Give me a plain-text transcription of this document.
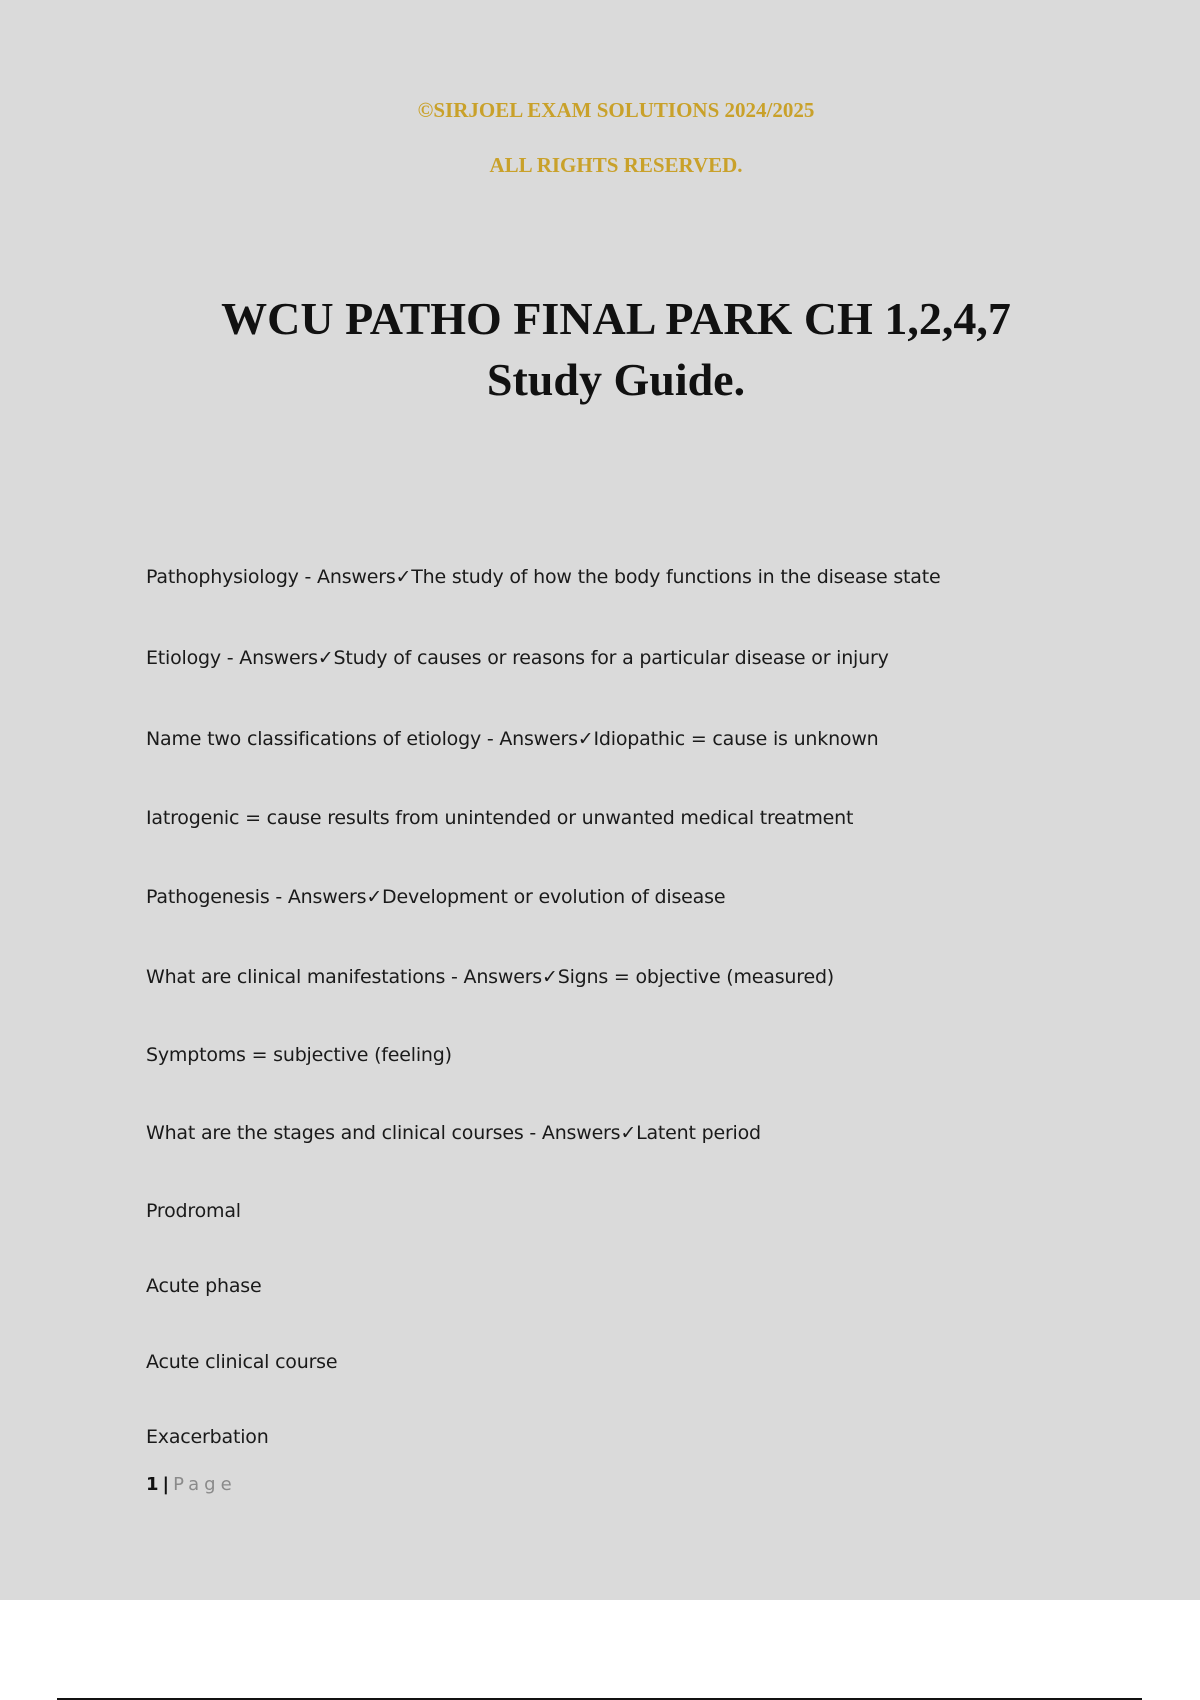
©SIRJOEL EXAM SOLUTIONS 2024/2025

ALL RIGHTS RESERVED.

WCU PATHO FINAL PARK CH 1,2,4,7
Study Guide.

Pathophysiology - Answers✓The study of how the body functions in the disease state

Etiology - Answers✓Study of causes or reasons for a particular disease or injury

Name two classifications of etiology - Answers✓Idiopathic = cause is unknown

Iatrogenic = cause results from unintended or unwanted medical treatment

Pathogenesis - Answers✓Development or evolution of disease

What are clinical manifestations - Answers✓Signs = objective (measured)

Symptoms = subjective (feeling)

What are the stages and clinical courses - Answers✓Latent period

Prodromal

Acute phase

Acute clinical course

Exacerbation

1 | Page
